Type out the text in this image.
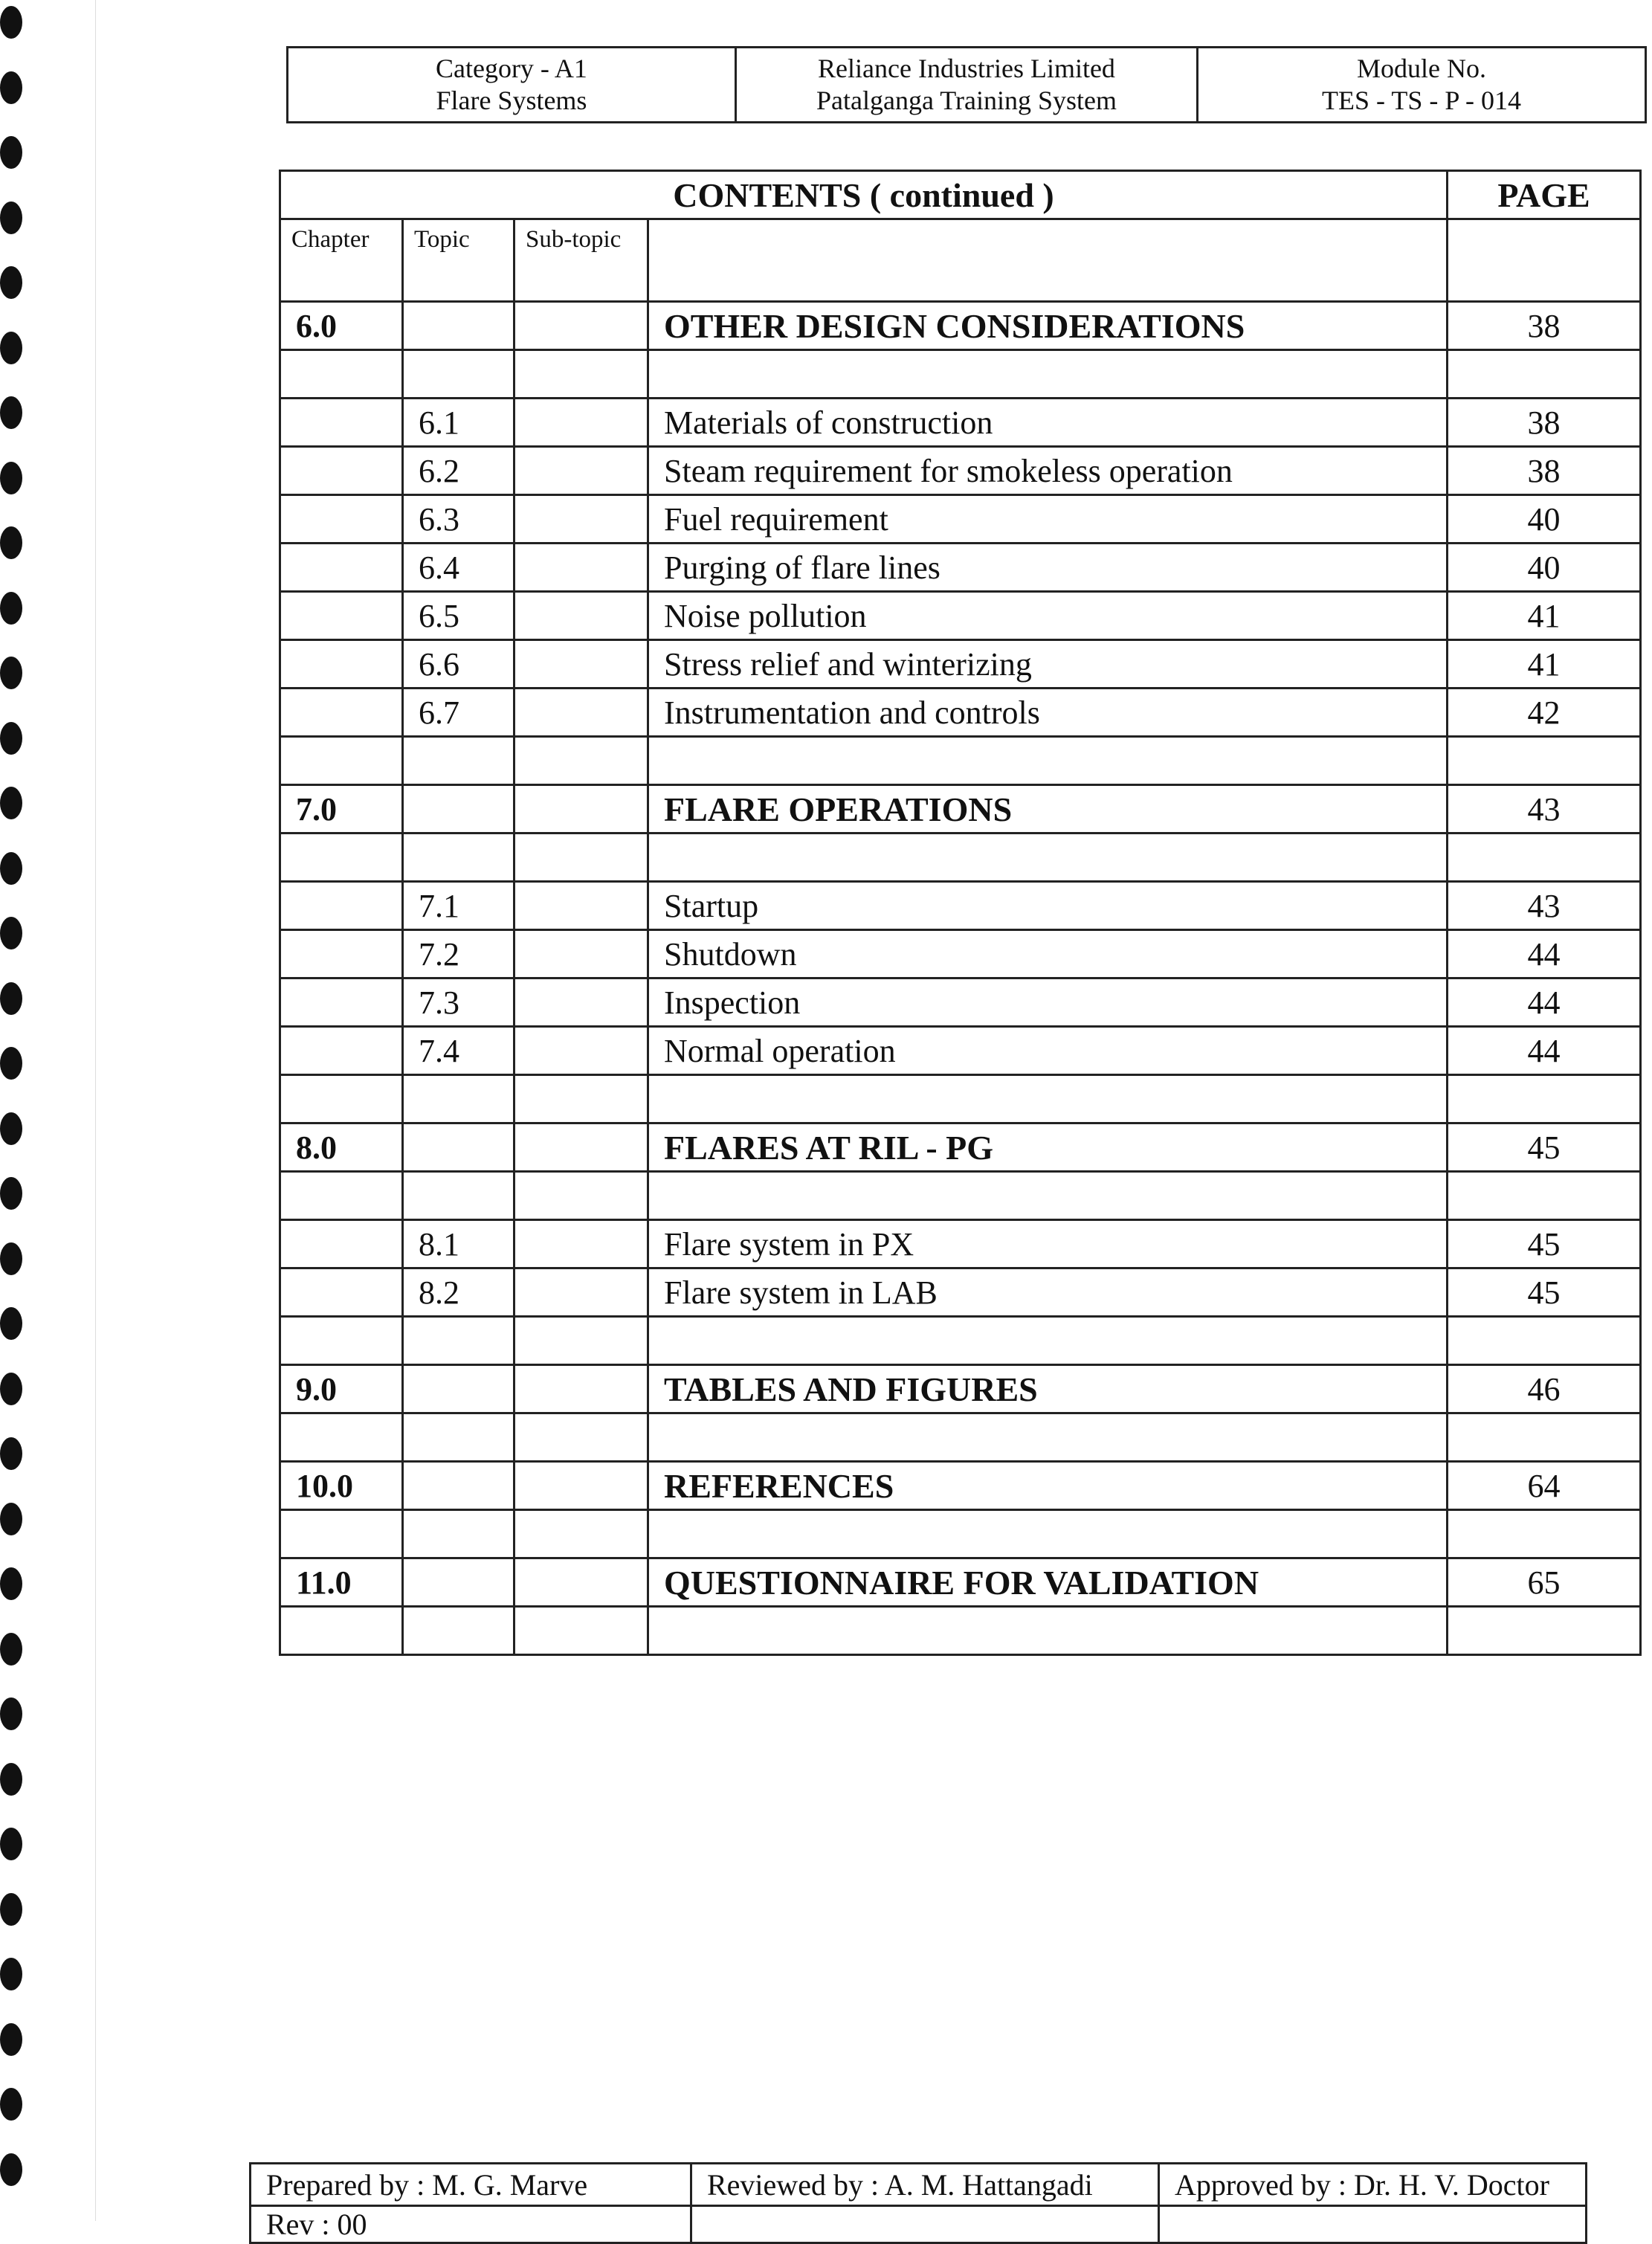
Category - A1
Flare Systems

Reliance Industries Limited
Patalganga Training System

Module No.
TES - TS - P - 014
CONTENTS ( continued )				PAGE
Chapter	Topic	Sub-topic		
6.0			OTHER DESIGN CONSIDERATIONS	38

	6.1		Materials of construction	38
	6.2		Steam requirement for smokeless operation	38
	6.3		Fuel requirement	40
	6.4		Purging of flare lines	40
	6.5		Noise pollution	41
	6.6		Stress relief and winterizing	41
	6.7		Instrumentation and controls	42

7.0			FLARE OPERATIONS	43

	7.1		Startup	43
	7.2		Shutdown	44
	7.3		Inspection	44
	7.4		Normal operation	44

8.0			FLARES AT RIL - PG	45

	8.1		Flare system in PX	45
	8.2		Flare system in LAB	45

9.0			TABLES AND FIGURES	46

10.0			REFERENCES	64

11.0			QUESTIONNAIRE FOR VALIDATION	65

Prepared by : M. G. Marve	Reviewed by : A. M. Hattangadi	Approved by : Dr. H. V. Doctor
Rev : 00		
